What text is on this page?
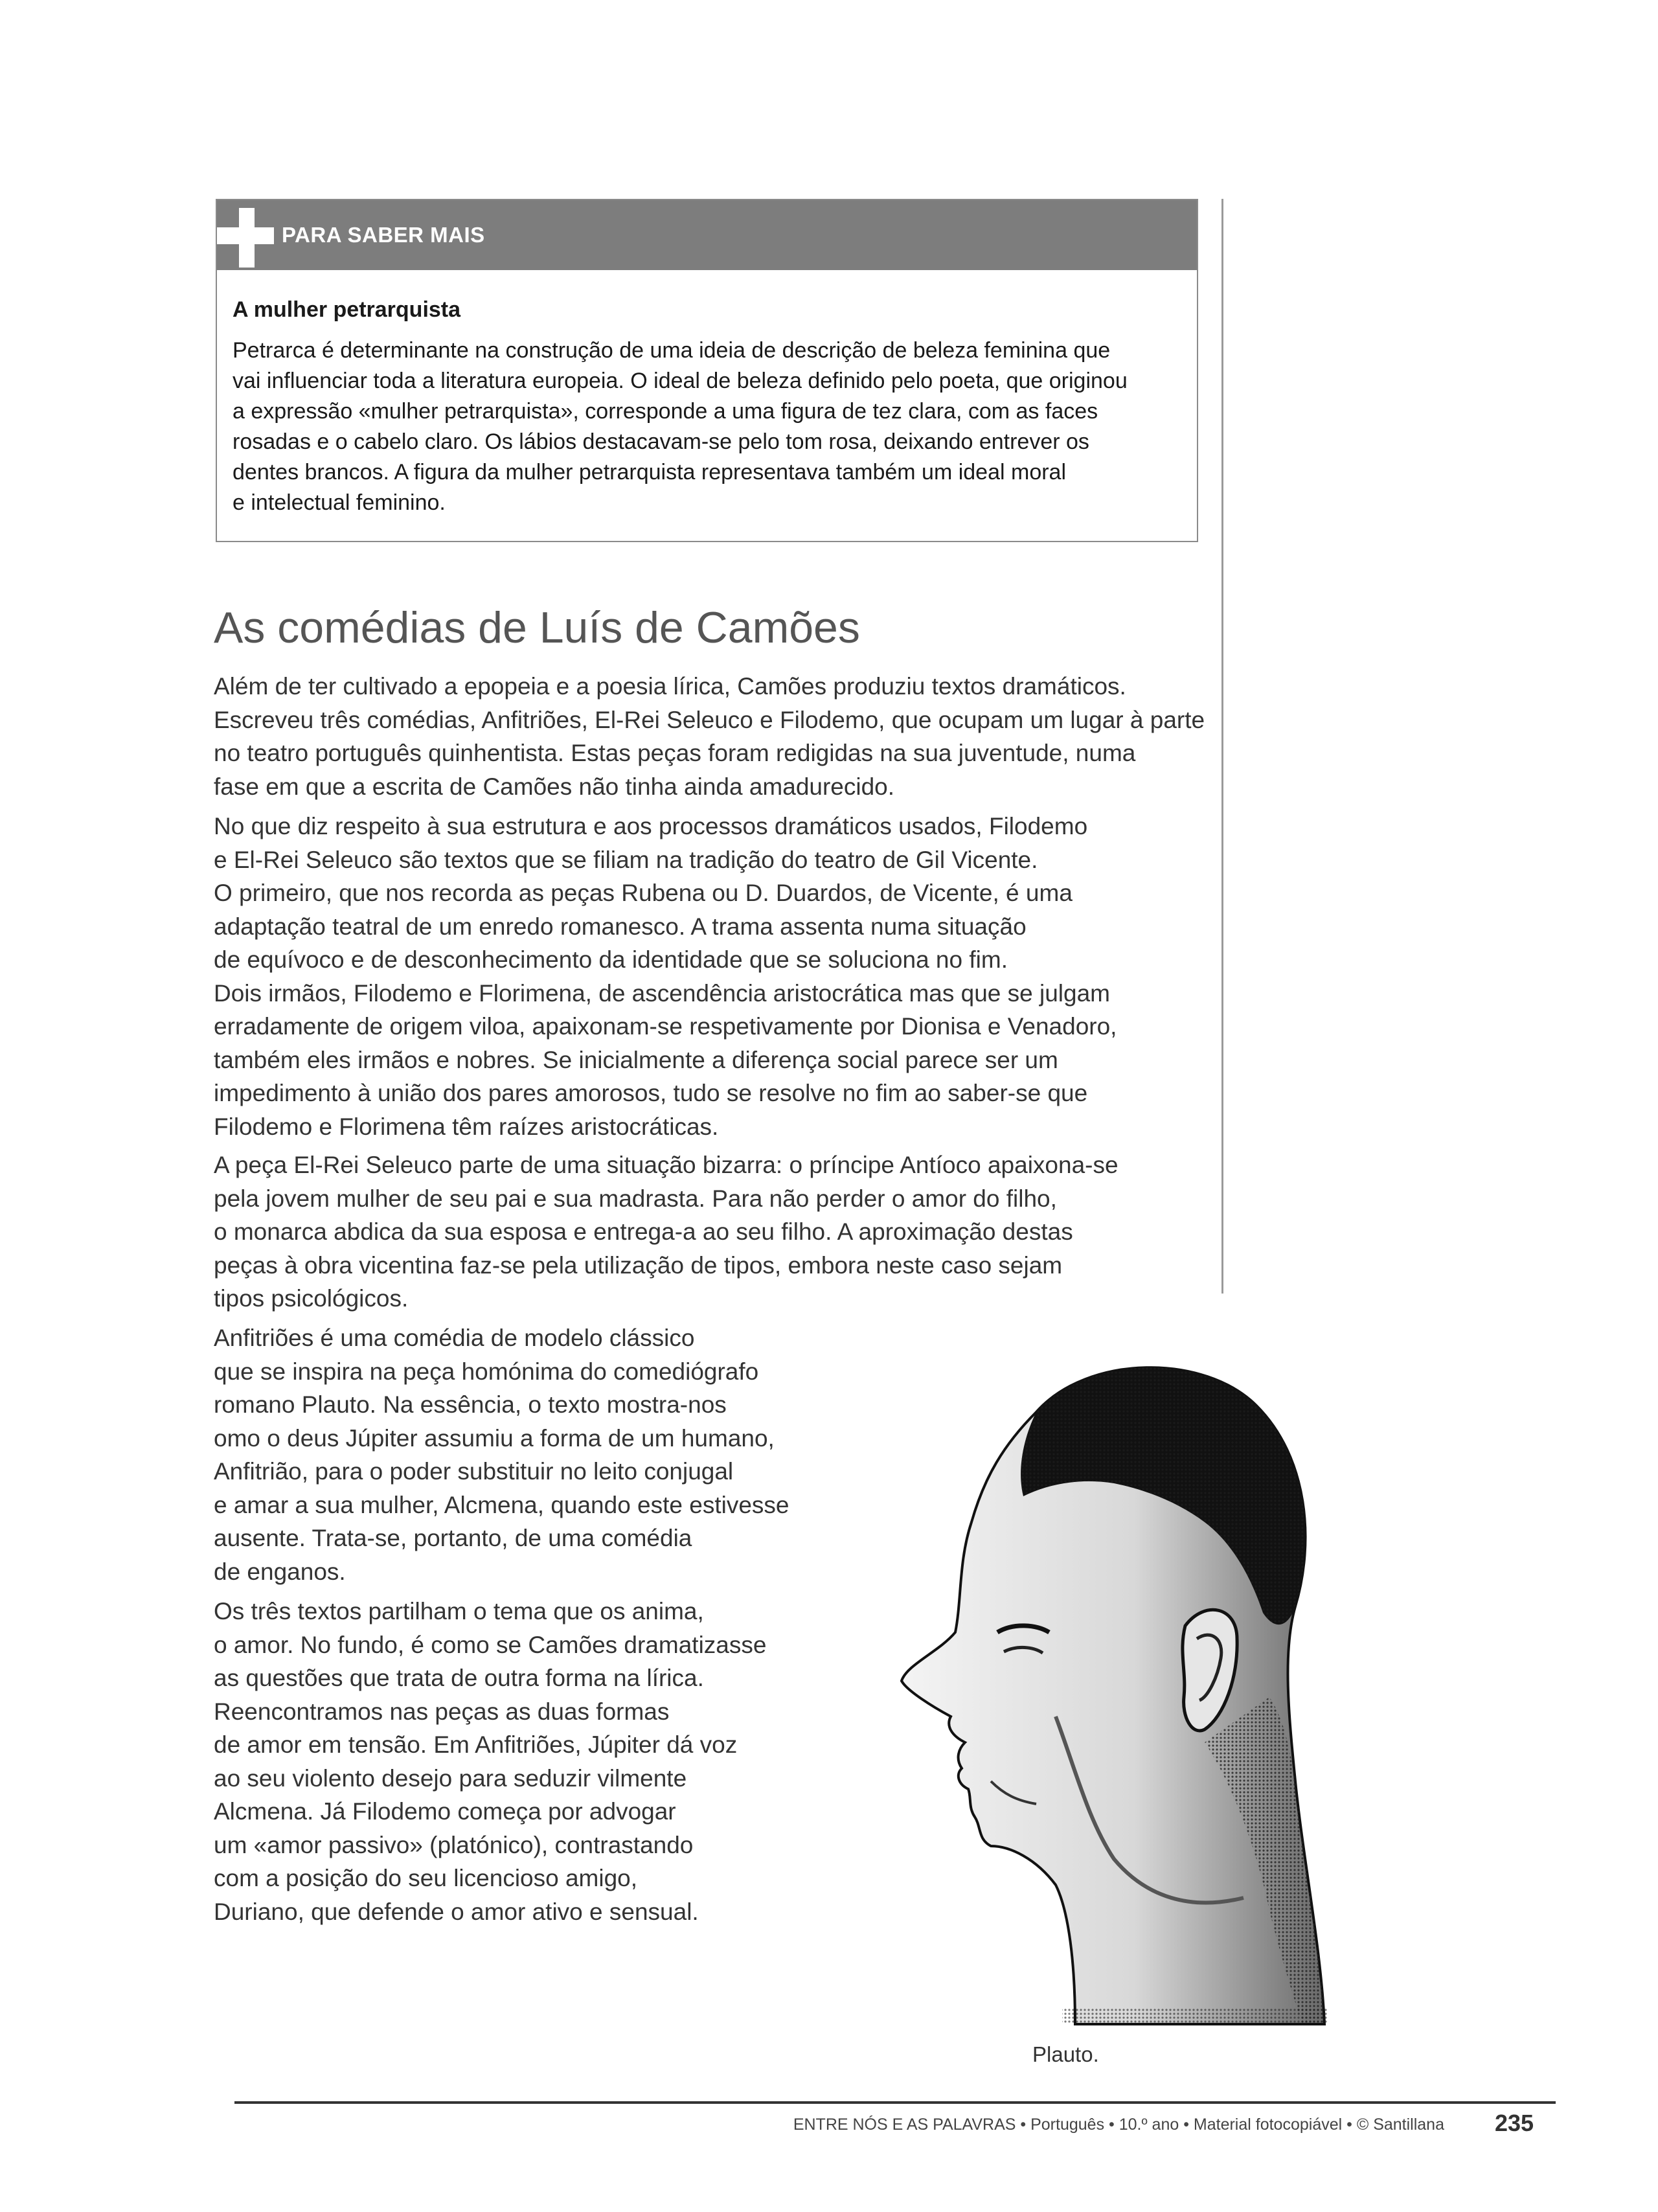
PARA SABER MAIS
A mulher petrarquista
Petrarca é determinante na construção de uma ideia de descrição de beleza feminina que
vai influenciar toda a literatura europeia. O ideal de beleza definido pelo poeta, que originou
a expressão «mulher petrarquista», corresponde a uma figura de tez clara, com as faces
rosadas e o cabelo claro. Os lábios destacavam-se pelo tom rosa, deixando entrever os
dentes brancos. A figura da mulher petrarquista representava também um ideal moral
e intelectual feminino.
As comédias de Luís de Camões

Além de ter cultivado a epopeia e a poesia lírica, Camões produziu textos dramáticos.
Escreveu três comédias, Anfitriões, El-Rei Seleuco e Filodemo, que ocupam um lugar à parte
no teatro português quinhentista. Estas peças foram redigidas na sua juventude, numa
fase em que a escrita de Camões não tinha ainda amadurecido.

No que diz respeito à sua estrutura e aos processos dramáticos usados, Filodemo
e El-Rei Seleuco são textos que se filiam na tradição do teatro de Gil Vicente.
O primeiro, que nos recorda as peças Rubena ou D. Duardos, de Vicente, é uma
adaptação teatral de um enredo romanesco. A trama assenta numa situação
de equívoco e de desconhecimento da identidade que se soluciona no fim.
Dois irmãos, Filodemo e Florimena, de ascendência aristocrática mas que se julgam
erradamente de origem viloa, apaixonam-se respetivamente por Dionisa e Venadoro,
também eles irmãos e nobres. Se inicialmente a diferença social parece ser um
impedimento à união dos pares amorosos, tudo se resolve no fim ao saber-se que
Filodemo e Florimena têm raízes aristocráticas.

A peça El-Rei Seleuco parte de uma situação bizarra: o príncipe Antíoco apaixona-se
pela jovem mulher de seu pai e sua madrasta. Para não perder o amor do filho,
o monarca abdica da sua esposa e entrega-a ao seu filho. A aproximação destas
peças à obra vicentina faz-se pela utilização de tipos, embora neste caso sejam
tipos psicológicos.

Anfitriões é uma comédia de modelo clássico
que se inspira na peça homónima do comediógrafo
romano Plauto. Na essência, o texto mostra-nos
omo o deus Júpiter assumiu a forma de um humano,
Anfitrião, para o poder substituir no leito conjugal
e amar a sua mulher, Alcmena, quando este estivesse
ausente. Trata-se, portanto, de uma comédia
de enganos.

Os três textos partilham o tema que os anima,
o amor. No fundo, é como se Camões dramatizasse
as questões que trata de outra forma na lírica.
Reencontramos nas peças as duas formas
de amor em tensão. Em Anfitriões, Júpiter dá voz
ao seu violento desejo para seduzir vilmente
Alcmena. Já Filodemo começa por advogar
um «amor passivo» (platónico), contrastando
com a posição do seu licencioso amigo,
Duriano, que defende o amor ativo e sensual.

Plauto.
ENTRE NÓS E AS PALAVRAS • Português • 10.º ano • Material fotocopiável • © Santillana 235
